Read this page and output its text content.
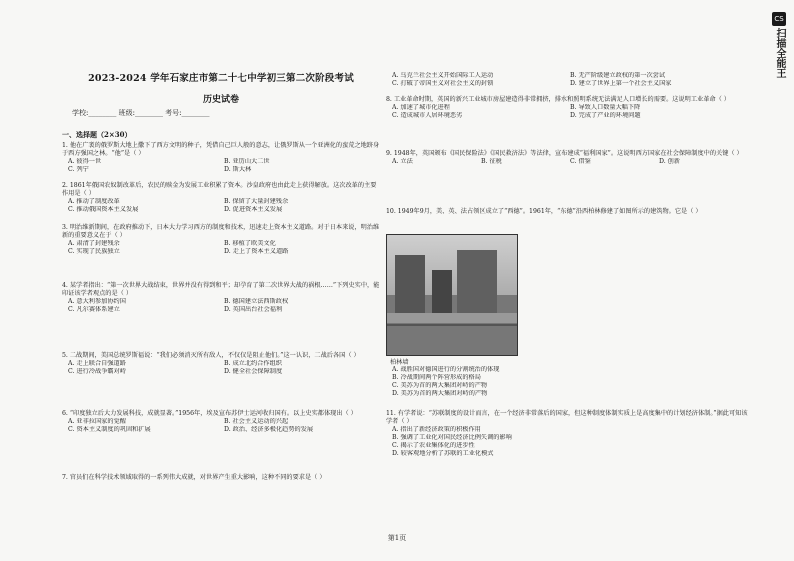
CS
扫描全能王
2023-2024 学年石家庄市第二十七中学初三第二次阶段考试
历史试卷
学校:________ 班级:________ 考号:________
一、选择题（2×30）

1. 他在广袤的俄罗斯大地上撒下了西方文明的种子，凭借自己巨人般的意志，让俄罗斯从一个亚洲化的蛮荒之地跻身于西方强国之林。“他”是（ ）

A. 彼得一世	B. 亚历山大二世
C. 列宁	D. 斯大林

2. 1861年俄国农奴制改革后，农民的赎金为发展工业积累了资本。沙皇政府也由此走上获得解放。这次改革的主要作用是（ ）

A. 推动了制度改革	B. 保留了大量封建残余
C. 推动俄国资本主义发展	D. 促进资本主义发展

3. 明治维新期间，在政府推动下，日本大力学习西方的制度和技术，迅速走上资本主义道路。对于日本来说，明治维新的重要意义在于（ ）

A. 肃清了封建残余	B. 移植了欧美文化
C. 实现了民族独立	D. 走上了资本主义道路

4. 某学者指出：“第一次世界大战结束，世界并没有得到和平；却孕育了第二次世界大战的祸根……”下列史实中，能印证该学者观点的是（ ）

A. 意大利参加协约国	B. 德国建立法西斯政权
C. 凡尔赛体系建立	D. 英国出台社会福利

5. 二战期间，美国总统罗斯福说：“我们必须消灭所有敌人，不仅仅是阻止他们。”这一认识，二战后各国（ ）

A. 走上联合自强道路	B. 成立北约合作组织
C. 进行冷战争霸对峙	D. 健全社会保障制度

6. “印度独立后大力发展科技，成就显著。”1956年，埃及宣布苏伊士运河收归国有。以上史实都体现出（ ）

A. 亚非拉国家的觉醒	B. 社会主义运动的兴起
C. 资本主义制度的巩固和扩展	D. 政治、经济多极化趋势的发展

7. 官员们在科学技术领域取得的一系列伟大成就，对世界产生重大影响，这种不同的要求是（ ）

A. 乌克兰社会主义开始国际工人运动	B. 无产阶级建立政权的第一次尝试
C. 打破了帝国主义对社会主义的封锁	D. 建立了世界上第一个社会主义国家

8. 工业革命时期，英国的新兴工业城市房屋建造得非常拥挤，排水和照明系统无法满足人口增长的需要。这说明工业革命（ ）

A. 加速了城市化进程	B. 导致人口数量大幅下降
C. 造成城市人居环境恶劣	D. 完成了产业的环境问题

9. 1948年，英国颁布《国民保险法》《国民救济法》等法律，宣布建成“福利国家”。这说明西方国家在社会保障制度中的关键（ ）

A. 立法	B. 征税	C. 借鉴	D. 创新

10. 1949年9月，美、英、法占领区成立了“西德”。1961年，“东德”沿西柏林修建了如图所示的建筑物。它是（ ）

柏林墙
A. 战胜国对德国进行的分割统治的体现
B. 冷战期间两个阵营形成的格局
C. 美苏为首的两大集团对峙的产物
D. 美苏为首的两大集团对峙的产物

11. 有学者说：“苏联制度的设计而言，在一个经济非常落后的国家，但这种制度体制实质上是高度集中的计划经济体制。”据此可知该学者（ ）

A. 指出了新经济政策的积极作用
B. 强调了工业化对国民经济比例失调的影响
C. 揭示了农业集体化的进步性
D. 较客观地分析了苏联的工业化模式
第1页
